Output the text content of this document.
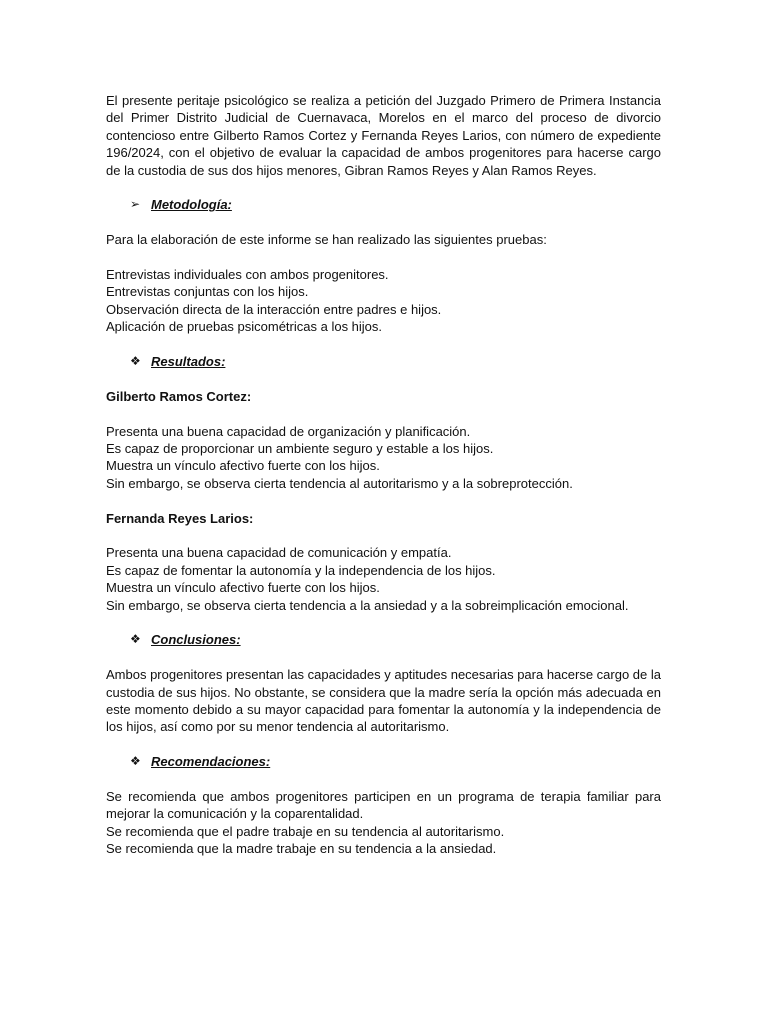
El presente peritaje psicológico se realiza a petición del Juzgado Primero de Primera Instancia del Primer Distrito Judicial de Cuernavaca, Morelos en el marco del proceso de divorcio contencioso entre Gilberto Ramos Cortez y Fernanda Reyes Larios, con número de expediente 196/2024, con el objetivo de evaluar la capacidad de ambos progenitores para hacerse cargo de la custodia de sus dos hijos menores, Gibran Ramos Reyes y Alan Ramos Reyes.

➢ Metodología:

Para la elaboración de este informe se han realizado las siguientes pruebas:

Entrevistas individuales con ambos progenitores.
Entrevistas conjuntas con los hijos.
Observación directa de la interacción entre padres e hijos.
Aplicación de pruebas psicométricas a los hijos.
❖ Resultados:

Gilberto Ramos Cortez:

Presenta una buena capacidad de organización y planificación.
Es capaz de proporcionar un ambiente seguro y estable a los hijos.
Muestra un vínculo afectivo fuerte con los hijos.
Sin embargo, se observa cierta tendencia al autoritarismo y a la sobreprotección.

Fernanda Reyes Larios:

Presenta una buena capacidad de comunicación y empatía.
Es capaz de fomentar la autonomía y la independencia de los hijos.
Muestra un vínculo afectivo fuerte con los hijos.
Sin embargo, se observa cierta tendencia a la ansiedad y a la sobreimplicación emocional.
❖ Conclusiones:

Ambos progenitores presentan las capacidades y aptitudes necesarias para hacerse cargo de la custodia de sus hijos. No obstante, se considera que la madre sería la opción más adecuada en este momento debido a su mayor capacidad para fomentar la autonomía y la independencia de los hijos, así como por su menor tendencia al autoritarismo.

❖ Recomendaciones:
Se recomienda que ambos progenitores participen en un programa de terapia familiar para mejorar la comunicación y la coparentalidad.
Se recomienda que el padre trabaje en su tendencia al autoritarismo.
Se recomienda que la madre trabaje en su tendencia a la ansiedad.
